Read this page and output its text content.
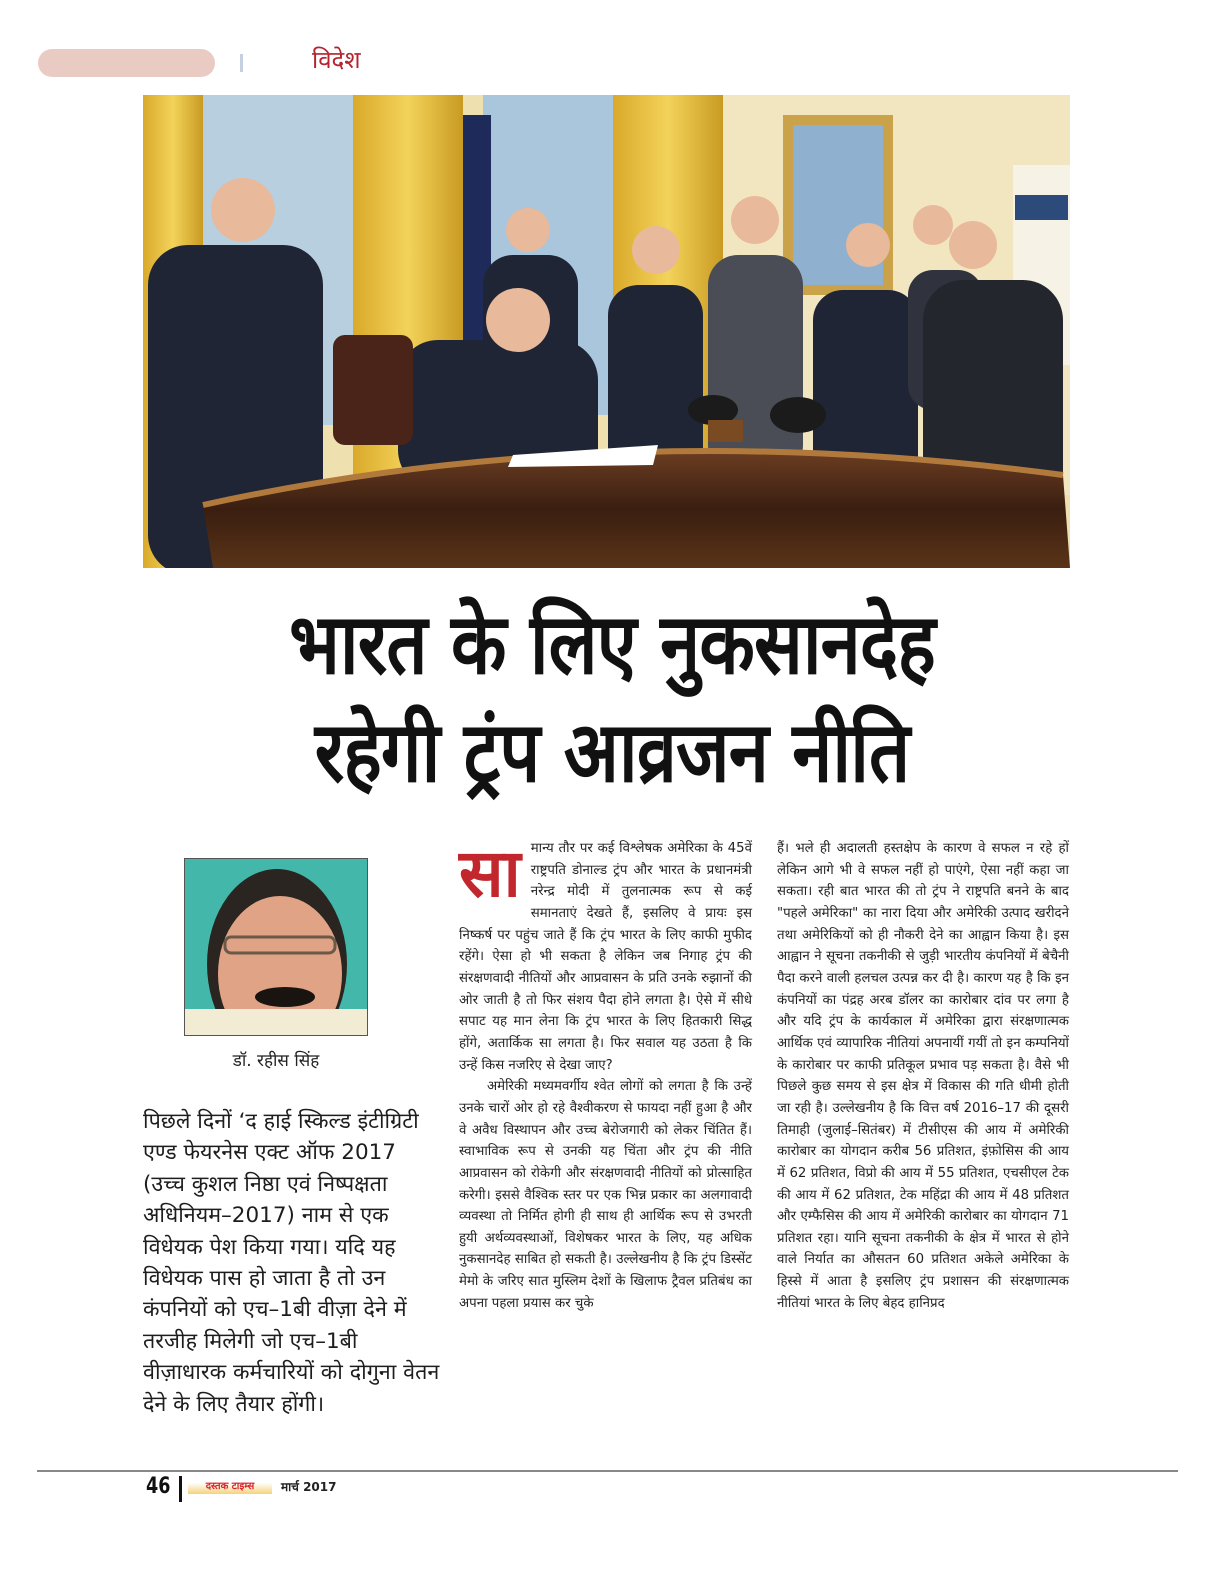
विदेश
भारत के लिए नुकसानदेह
रहेगी ट्रंप आव्रजन नीति
डॉ. रहीस सिंह

पिछले दिनों ‘द हाई स्किल्ड इंटीग्रिटी एण्ड फेयरनेस एक्ट ऑफ 2017 (उच्च कुशल निष्ठा एवं निष्पक्षता अधिनियम–2017) नाम से एक विधेयक पेश किया गया। यदि यह विधेयक पास हो जाता है तो उन कंपनियों को एच–1बी वीज़ा देने में तरजीह मिलेगी जो एच–1बी वीज़ाधारक कर्मचारियों को दोगुना वेतन देने के लिए तैयार होंगी।

सा मान्य तौर पर कई विश्लेषक अमेरिका के 45वें राष्ट्रपति डोनाल्ड ट्रंप और भारत के प्रधानमंत्री नरेन्द्र मोदी में तुलनात्मक रूप से कई समानताएं देखते हैं, इसलिए वे प्रायः इस निष्कर्ष पर पहुंच जाते हैं कि ट्रंप भारत के लिए काफी मुफीद रहेंगे। ऐसा हो भी सकता है लेकिन जब निगाह ट्रंप की संरक्षणवादी नीतियों और आप्रवासन के प्रति उनके रुझानों की ओर जाती है तो फिर संशय पैदा होने लगता है। ऐसे में सीधे सपाट यह मान लेना कि ट्रंप भारत के लिए हितकारी सिद्ध होंगे, अतार्किक सा लगता है। फिर सवाल यह उठता है कि उन्हें किस नजरिए से देखा जाए?

अमेरिकी मध्यमवर्गीय श्वेत लोगों को लगता है कि उन्हें उनके चारों ओर हो रहे वैश्वीकरण से फायदा नहीं हुआ है और वे अवैध विस्थापन और उच्च बेरोजगारी को लेकर चिंतित हैं। स्वाभाविक रूप से उनकी यह चिंता और ट्रंप की नीति आप्रवासन को रोकेगी और संरक्षणवादी नीतियों को प्रोत्साहित करेगी। इससे वैश्विक स्तर पर एक भिन्न प्रकार का अलगावादी व्यवस्था तो निर्मित होगी ही साथ ही आर्थिक रूप से उभरती हुयी अर्थव्यवस्थाओं, विशेषकर भारत के लिए, यह अधिक नुकसानदेह साबित हो सकती है। उल्लेखनीय है कि ट्रंप डिस्सेंट मेमो के जरिए सात मुस्लिम देशों के खिलाफ ट्रैवल प्रतिबंध का अपना पहला प्रयास कर चुके

हैं। भले ही अदालती हस्तक्षेप के कारण वे सफल न रहे हों लेकिन आगे भी वे सफल नहीं हो पाएंगे, ऐसा नहीं कहा जा सकता। रही बात भारत की तो ट्रंप ने राष्ट्रपति बनने के बाद "पहले अमेरिका" का नारा दिया और अमेरिकी उत्पाद खरीदने तथा अमेरिकियों को ही नौकरी देने का आह्वान किया है। इस आह्वान ने सूचना तकनीकी से जुड़ी भारतीय कंपनियों में बेचैनी पैदा करने वाली हलचल उत्पन्न कर दी है। कारण यह है कि इन कंपनियों का पंद्रह अरब डॉलर का कारोबार दांव पर लगा है और यदि ट्रंप के कार्यकाल में अमेरिका द्वारा संरक्षणात्मक आर्थिक एवं व्यापारिक नीतियां अपनायीं गयीं तो इन कम्पनियों के कारोबार पर काफी प्रतिकूल प्रभाव पड़ सकता है। वैसे भी पिछले कुछ समय से इस क्षेत्र में विकास की गति धीमी होती जा रही है। उल्लेखनीय है कि वित्त वर्ष 2016–17 की दूसरी तिमाही (जुलाई–सितंबर) में टीसीएस की आय में अमेरिकी कारोबार का योगदान करीब 56 प्रतिशत, इंफ़ोसिस की आय में 62 प्रतिशत, विप्रो की आय में 55 प्रतिशत, एचसीएल टेक की आय में 62 प्रतिशत, टेक महिंद्रा की आय में 48 प्रतिशत और एम्फैसिस की आय में अमेरिकी कारोबार का योगदान 71 प्रतिशत रहा। यानि सूचना तकनीकी के क्षेत्र में भारत से होने वाले निर्यात का औसतन 60 प्रतिशत अकेले अमेरिका के हिस्से में आता है इसलिए ट्रंप प्रशासन की संरक्षणात्मक नीतियां भारत के लिए बेहद हानिप्रद

46	दस्तक टाइम्स	मार्च 2017
